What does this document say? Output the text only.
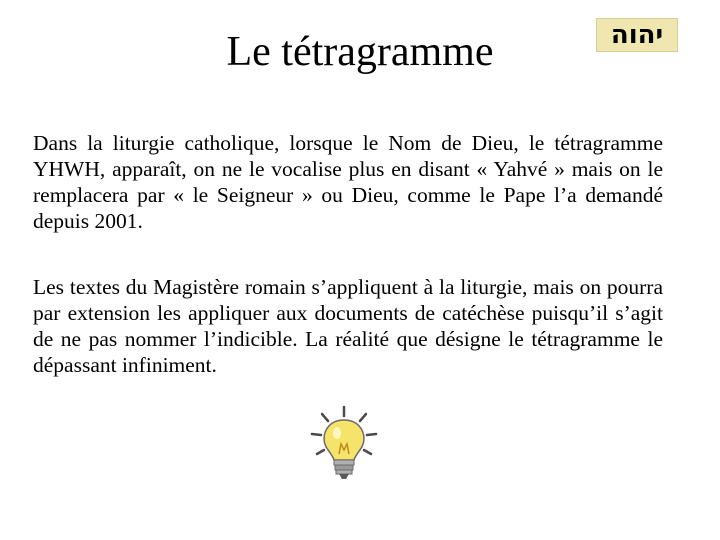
Le tétragramme	יהוה

Dans la liturgie catholique, lorsque le Nom de Dieu, le tétragramme YHWH, apparaît, on ne le vocalise plus en disant « Yahvé » mais on le remplacera par « le Seigneur » ou Dieu, comme le Pape l’a demandé depuis 2001.

Les textes du Magistère romain s’appliquent à la liturgie, mais on pourra par extension les appliquer aux documents de catéchèse puisqu’il s’agit de ne pas nommer l’indicible. La réalité que désigne le tétragramme le dépassant infiniment.
